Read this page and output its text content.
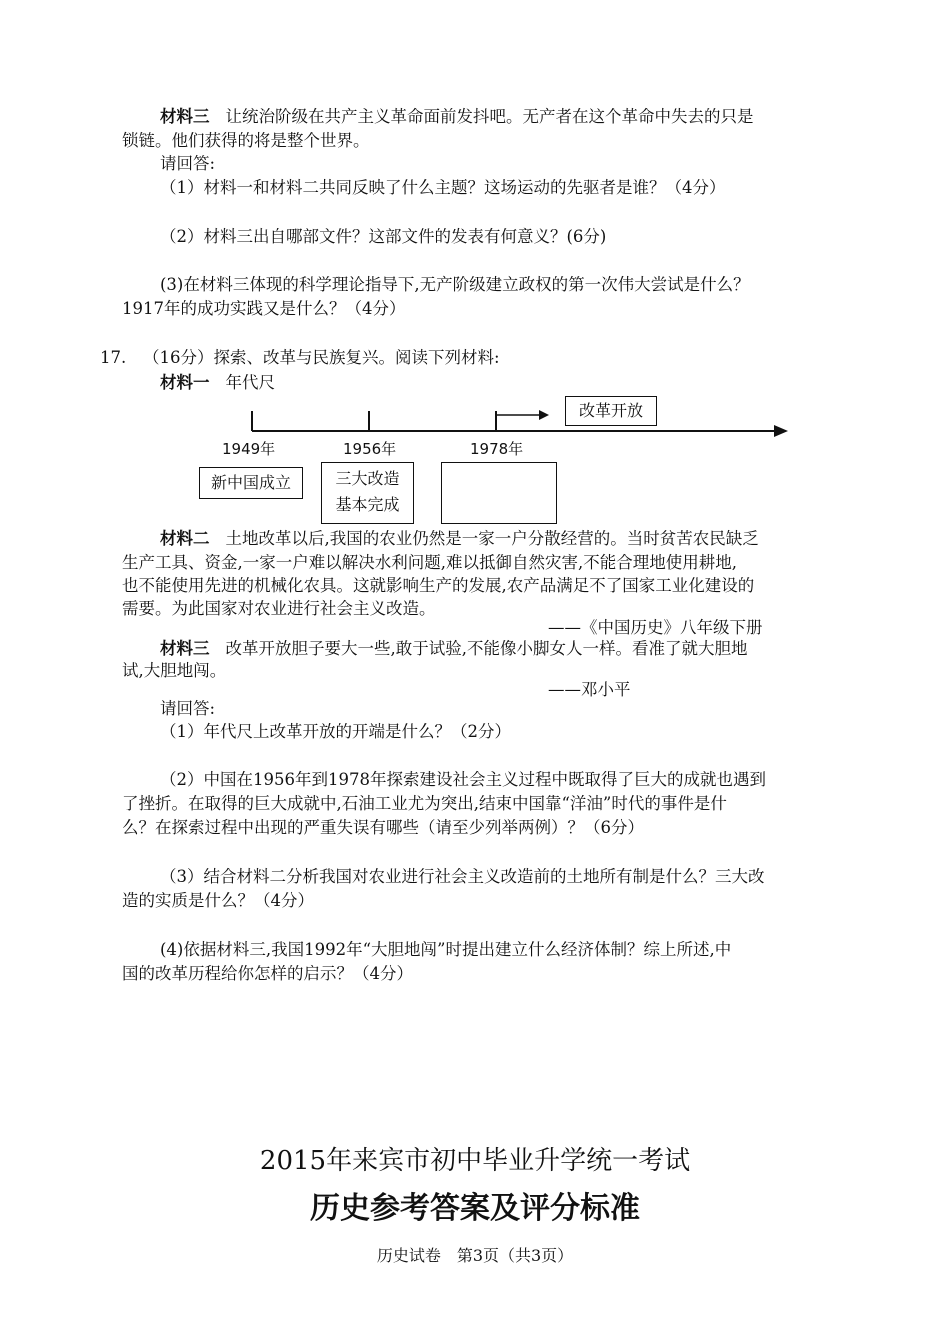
材料三 让统治阶级在共产主义革命面前发抖吧。无产者在这个革命中失去的只是
锁链。他们获得的将是整个世界。
请回答:
（1）材料一和材料二共同反映了什么主题？这场运动的先驱者是谁？（4分）
（2）材料三出自哪部文件？这部文件的发表有何意义？(6分)
(3)在材料三体现的科学理论指导下,无产阶级建立政权的第一次伟大尝试是什么？
1917年的成功实践又是什么？（4分）
17. （16分）探索、改革与民族复兴。阅读下列材料:
材料一 年代尺
1949年	1956年	1978年
改革开放
新中国成立	三大改造
基本完成
材料二 土地改革以后,我国的农业仍然是一家一户分散经营的。当时贫苦农民缺乏
生产工具、资金,一家一户难以解决水利问题,难以抵御自然灾害,不能合理地使用耕地,
也不能使用先进的机械化农具。这就影响生产的发展,农产品满足不了国家工业化建设的
需要。为此国家对农业进行社会主义改造。
——《中国历史》八年级下册
材料三 改革开放胆子要大一些,敢于试验,不能像小脚女人一样。看准了就大胆地
试,大胆地闯。
——邓小平
请回答:
（1）年代尺上改革开放的开端是什么？（2分）
（2）中国在1956年到1978年探索建设社会主义过程中既取得了巨大的成就也遇到
了挫折。在取得的巨大成就中,石油工业尤为突出,结束中国靠“洋油”时代的事件是什
么？在探索过程中出现的严重失误有哪些（请至少列举两例）？（6分）
（3）结合材料二分析我国对农业进行社会主义改造前的土地所有制是什么？三大改
造的实质是什么？（4分）
(4)依据材料三,我国1992年“大胆地闯”时提出建立什么经济体制？综上所述,中
国的改革历程给你怎样的启示？（4分）
2015年来宾市初中毕业升学统一考试
历史参考答案及评分标准
历史试卷　第3页（共3页）
